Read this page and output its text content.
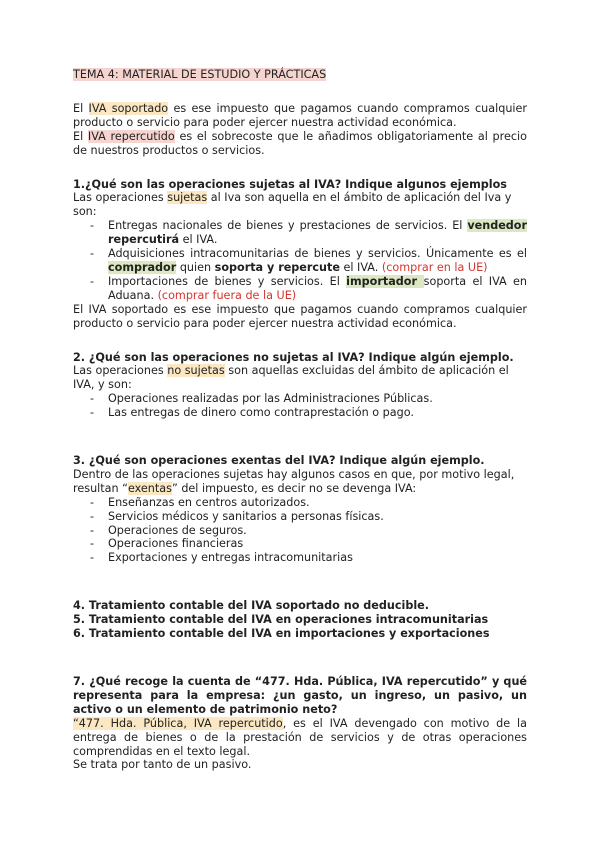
TEMA 4: MATERIAL DE ESTUDIO Y PRÁCTICAS

El IVA soportado es ese impuesto que pagamos cuando compramos cualquier producto o servicio para poder ejercer nuestra actividad económica.

El IVA repercutido es el sobrecoste que le añadimos obligatoriamente al precio de nuestros productos o servicios.

1.¿Qué son las operaciones sujetas al IVA? Indique algunos ejemplos

Las operaciones sujetas al Iva son aquella en el ámbito de aplicación del Iva y son:

- Entregas nacionales de bienes y prestaciones de servicios. El vendedor repercutirá el IVA.
- Adquisiciones intracomunitarias de bienes y servicios. Únicamente es el comprador quien soporta y repercute el IVA. (comprar en la UE)
- Importaciones de bienes y servicios. El importador soporta el IVA en Aduana. (comprar fuera de la UE)

El IVA soportado es ese impuesto que pagamos cuando compramos cualquier producto o servicio para poder ejercer nuestra actividad económica.

2. ¿Qué son las operaciones no sujetas al IVA? Indique algún ejemplo.

Las operaciones no sujetas son aquellas excluidas del ámbito de aplicación el IVA, y son:

- Operaciones realizadas por las Administraciones Públicas.
- Las entregas de dinero como contraprestación o pago.

3. ¿Qué son operaciones exentas del IVA? Indique algún ejemplo.

Dentro de las operaciones sujetas hay algunos casos en que, por motivo legal, resultan “exentas” del impuesto, es decir no se devenga IVA:

- Enseñanzas en centros autorizados.
- Servicios médicos y sanitarios a personas físicas.
- Operaciones de seguros.
- Operaciones financieras
- Exportaciones y entregas intracomunitarias

4. Tratamiento contable del IVA soportado no deducible.

5. Tratamiento contable del IVA en operaciones intracomunitarias

6. Tratamiento contable del IVA en importaciones y exportaciones

7. ¿Qué recoge la cuenta de “477. Hda. Pública, IVA repercutido” y qué representa para la empresa: ¿un gasto, un ingreso, un pasivo, un activo o un elemento de patrimonio neto?

“477. Hda. Pública, IVA repercutido, es el IVA devengado con motivo de la entrega de bienes o de la prestación de servicios y de otras operaciones comprendidas en el texto legal.

Se trata por tanto de un pasivo.
